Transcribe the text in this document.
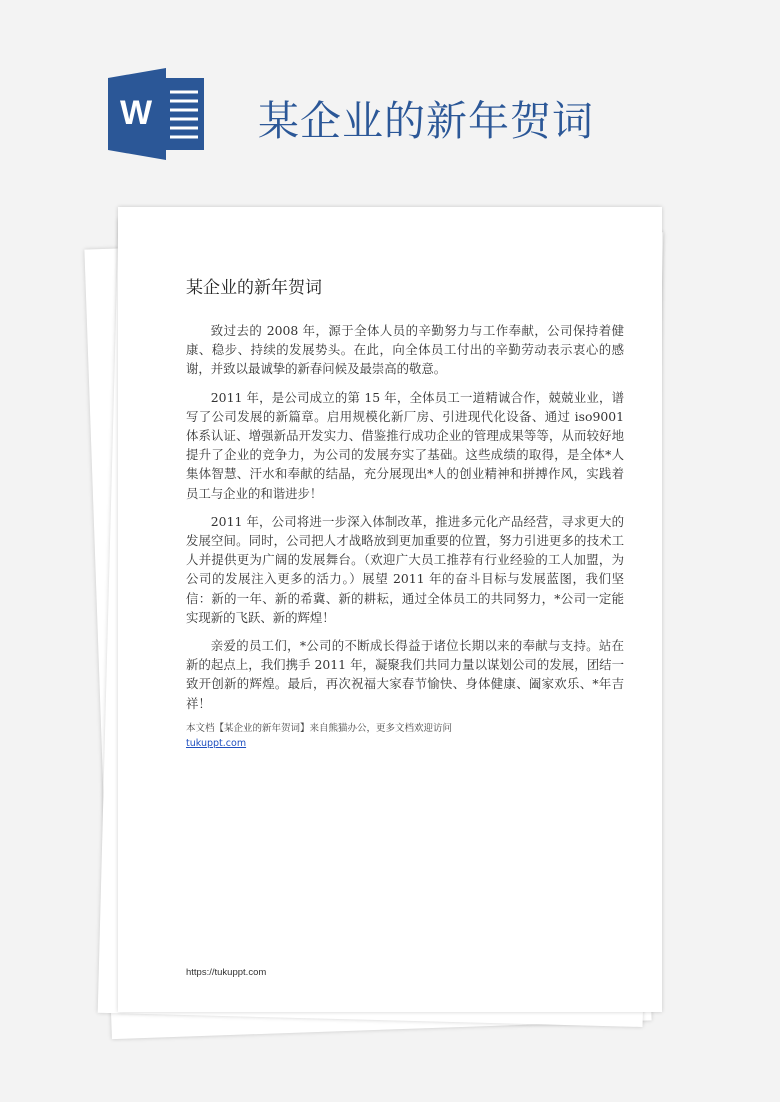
W	某企业的新年贺词
某企业的新年贺词

致过去的 2008 年，源于全体人员的辛勤努力与工作奉献，公司保持着健康、稳步、持续的发展势头。在此，向全体员工付出的辛勤劳动表示衷心的感谢，并致以最诚挚的新春问候及最崇高的敬意。

2011 年，是公司成立的第 15 年，全体员工一道精诚合作，兢兢业业，谱写了公司发展的新篇章。启用规模化新厂房、引进现代化设备、通过 iso9001 体系认证、增强新品开发实力、借鉴推行成功企业的管理成果等等，从而较好地提升了企业的竞争力，为公司的发展夯实了基础。这些成绩的取得，是全体*人集体智慧、汗水和奉献的结晶，充分展现出*人的创业精神和拼搏作风，实践着员工与企业的和谐进步！

2011 年，公司将进一步深入体制改革，推进多元化产品经营，寻求更大的发展空间。同时，公司把人才战略放到更加重要的位置，努力引进更多的技术工人并提供更为广阔的发展舞台。（欢迎广大员工推荐有行业经验的工人加盟，为公司的发展注入更多的活力。）展望 2011 年的奋斗目标与发展蓝图，我们坚信：新的一年、新的希冀、新的耕耘，通过全体员工的共同努力，*公司一定能实现新的飞跃、新的辉煌！

亲爱的员工们，*公司的不断成长得益于诸位长期以来的奉献与支持。站在新的起点上，我们携手 2011 年，凝聚我们共同力量以谋划公司的发展，团结一致开创新的辉煌。最后，再次祝福大家春节愉快、身体健康、阖家欢乐、*年吉祥！

本文档【某企业的新年贺词】来自熊猫办公，更多文档欢迎访问
tukuppt.com
https://tukuppt.com
